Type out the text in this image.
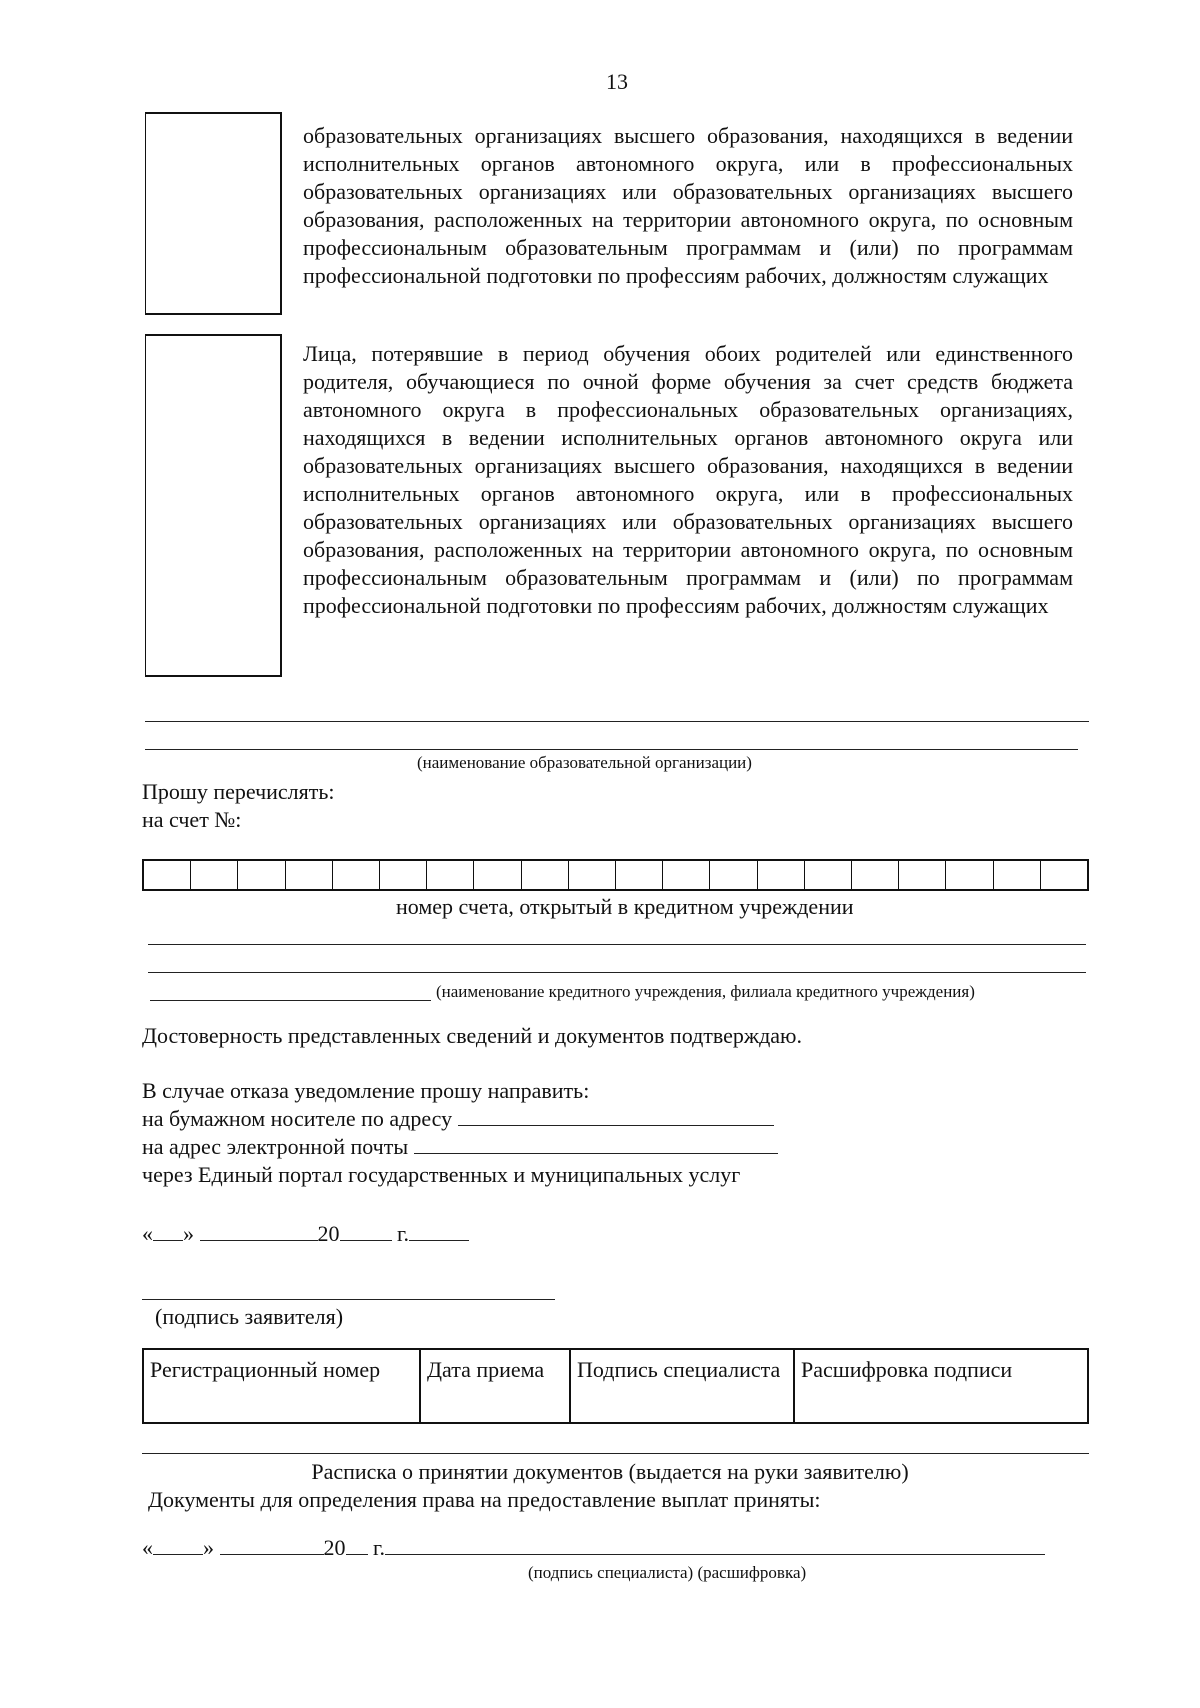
13
образовательных организациях высшего образования, находящихся в ведении исполнительных органов автономного округа, или в профессиональных образовательных организациях или образовательных организациях высшего образования, расположенных на территории автономного округа, по основным профессиональным образовательным программам и (или) по программам профессиональной подготовки по профессиям рабочих, должностям служащих
Лица, потерявшие в период обучения обоих родителей или единственного родителя, обучающиеся по очной форме обучения за счет средств бюджета автономного округа в профессиональных образовательных организациях, находящихся в ведении исполнительных органов автономного округа или образовательных организациях высшего образования, находящихся в ведении исполнительных органов автономного округа, или в профессиональных образовательных организациях или образовательных организациях высшего образования, расположенных на территории автономного округа, по основным профессиональным образовательным программам и (или) по программам профессиональной подготовки по профессиям рабочих, должностям служащих
(наименование образовательной организации)
Прошу перечислять:
на счет №:
номер счета, открытый в кредитном учреждении
(наименование кредитного учреждения, филиала кредитного учреждения)
Достоверность представленных сведений и документов подтверждаю.
В случае отказа уведомление прошу направить:
на бумажном носителе по адресу
на адрес электронной почты
через Единый портал государственных и муниципальных услуг
« »	20	г.
(подпись заявителя)
Регистрационный номер	Дата приема	Подпись специалиста	Расшифровка подписи
Расписка о принятии документов (выдается на руки заявителю)
Документы для определения права на предоставление выплат приняты:
« »	20 г.
(подпись специалиста) (расшифровка)
